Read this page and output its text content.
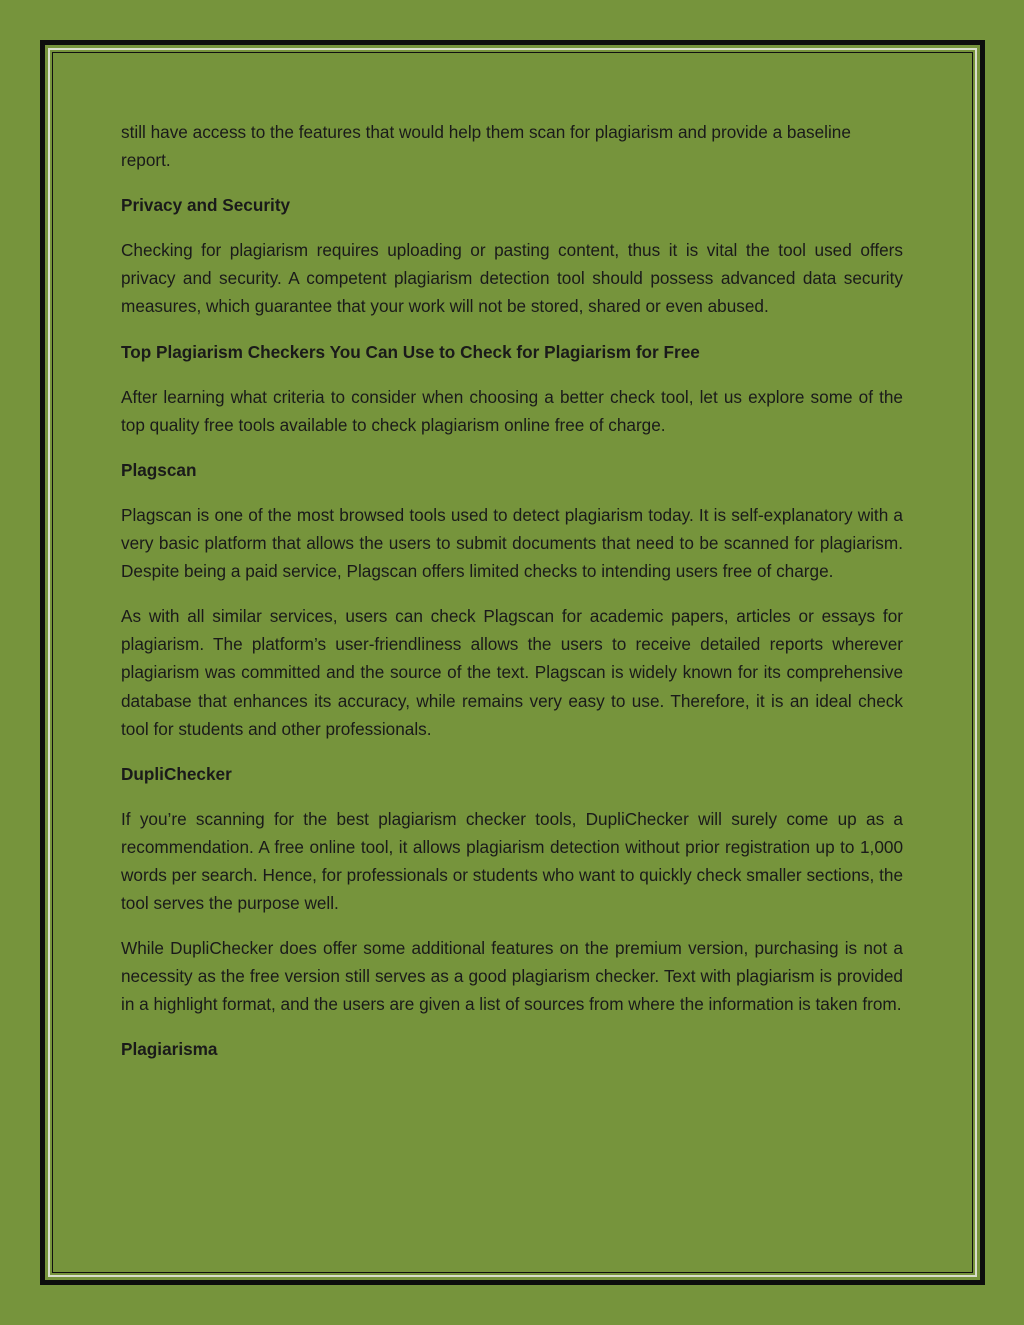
still have access to the features that would help them scan for plagiarism and provide a baseline report.

Privacy and Security

Checking for plagiarism requires uploading or pasting content, thus it is vital the tool used offers privacy and security. A competent plagiarism detection tool should possess advanced data security measures, which guarantee that your work will not be stored, shared or even abused.

Top Plagiarism Checkers You Can Use to Check for Plagiarism for Free

After learning what criteria to consider when choosing a better check tool, let us explore some of the top quality free tools available to check plagiarism online free of charge.

Plagscan

Plagscan is one of the most browsed tools used to detect plagiarism today. It is self-explanatory with a very basic platform that allows the users to submit documents that need to be scanned for plagiarism. Despite being a paid service, Plagscan offers limited checks to intending users free of charge.

As with all similar services, users can check Plagscan for academic papers, articles or essays for plagiarism. The platform’s user-friendliness allows the users to receive detailed reports wherever plagiarism was committed and the source of the text. Plagscan is widely known for its comprehensive database that enhances its accuracy, while remains very easy to use. Therefore, it is an ideal check tool for students and other professionals.

DupliChecker

If you’re scanning for the best plagiarism checker tools, DupliChecker will surely come up as a recommendation. A free online tool, it allows plagiarism detection without prior registration up to 1,000 words per search. Hence, for professionals or students who want to quickly check smaller sections, the tool serves the purpose well.

While DupliChecker does offer some additional features on the premium version, purchasing is not a necessity as the free version still serves as a good plagiarism checker. Text with plagiarism is provided in a highlight format, and the users are given a list of sources from where the information is taken from.

Plagiarisma
